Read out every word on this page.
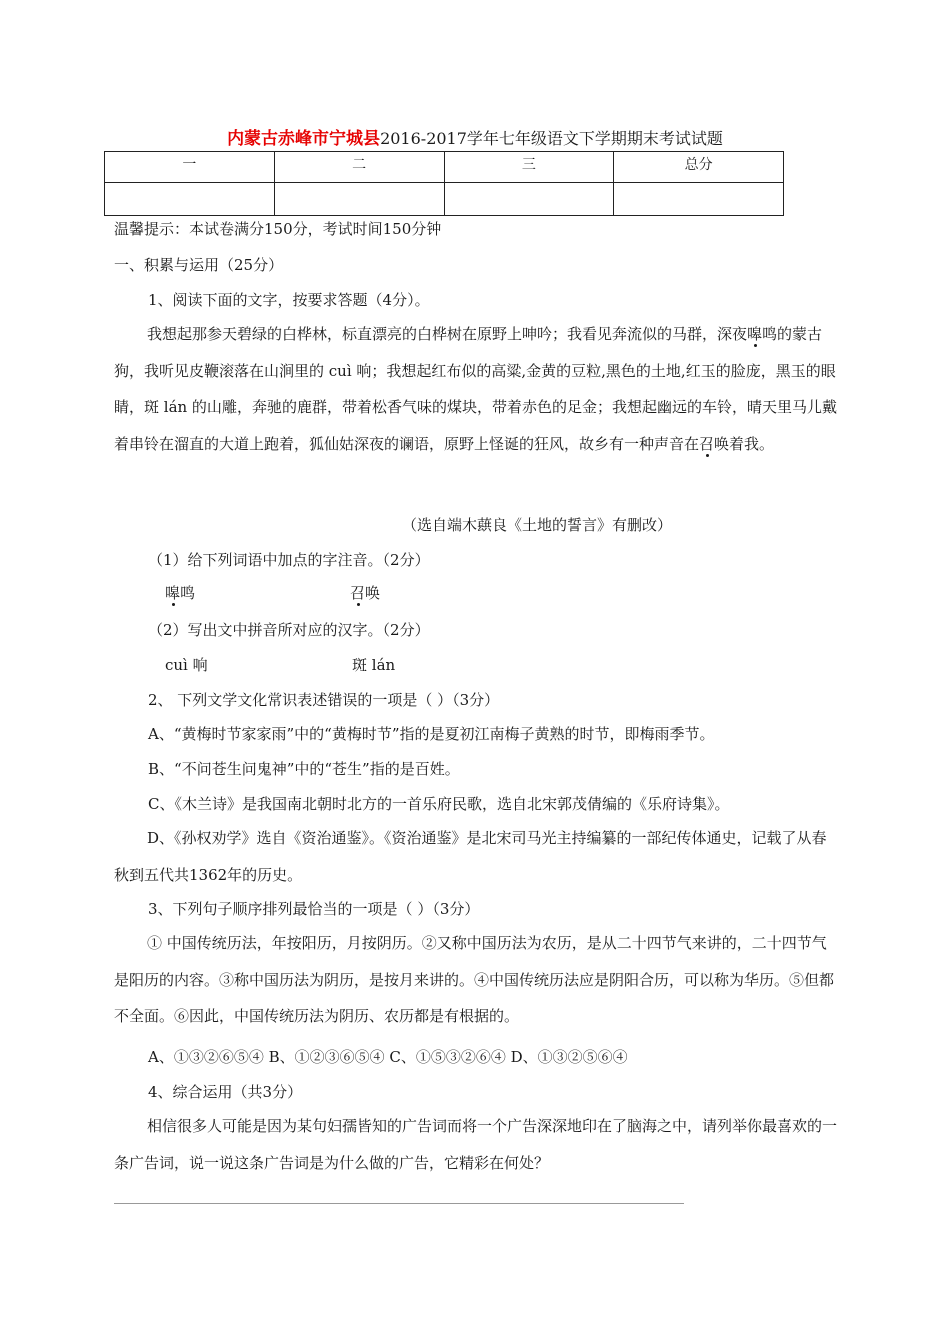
内蒙古赤峰市宁城县2016-2017学年七年级语文下学期期末考试试题
一	二	三	总分

温馨提示：本试卷满分150分，考试时间150分钟
一、积累与运用（25分）
1、阅读下面的文字，按要求答题（4分）。
我想起那参天碧绿的白桦林，标直漂亮的白桦树在原野上呻吟；我看见奔流似的马群，深夜嗥鸣的蒙古狗，我听见皮鞭滚落在山涧里的 cuì 响；我想起红布似的高粱,金黄的豆粒,黑色的土地,红玉的脸庞，黑玉的眼睛，斑 lán 的山雕，奔驰的鹿群，带着松香气味的煤块，带着赤色的足金；我想起幽远的车铃，晴天里马儿戴着串铃在溜直的大道上跑着，狐仙姑深夜的谰语，原野上怪诞的狂风，故乡有一种声音在召唤着我。
（选自端木蕻良《土地的誓言》有删改）
（1）给下列词语中加点的字注音。（2分）
嗥鸣	召唤
（2）写出文中拼音所对应的汉字。（2分）
cuì 响	斑 lán
2、 下列文学文化常识表述错误的一项是（ ）（3分）
A、“黄梅时节家家雨”中的“黄梅时节”指的是夏初江南梅子黄熟的时节，即梅雨季节。
B、“不问苍生问鬼神”中的“苍生”指的是百姓。
C、《木兰诗》是我国南北朝时北方的一首乐府民歌，选自北宋郭茂倩编的《乐府诗集》。
D、《孙权劝学》选自《资治通鉴》。《资治通鉴》是北宋司马光主持编纂的一部纪传体通史，记载了从春秋到五代共1362年的历史。
3、下列句子顺序排列最恰当的一项是（ ）（3分）
① 中国传统历法，年按阳历，月按阴历。②又称中国历法为农历，是从二十四节气来讲的，二十四节气是阳历的内容。③称中国历法为阴历，是按月来讲的。④中国传统历法应是阴阳合历，可以称为华历。⑤但都不全面。⑥因此，中国传统历法为阴历、农历都是有根据的。
A、①③②⑥⑤④ B、①②③⑥⑤④ C、①⑤③②⑥④ D、①③②⑤⑥④
4、综合运用（共3分）
相信很多人可能是因为某句妇孺皆知的广告词而将一个广告深深地印在了脑海之中，请列举你最喜欢的一条广告词，说一说这条广告词是为什么做的广告，它精彩在何处？
